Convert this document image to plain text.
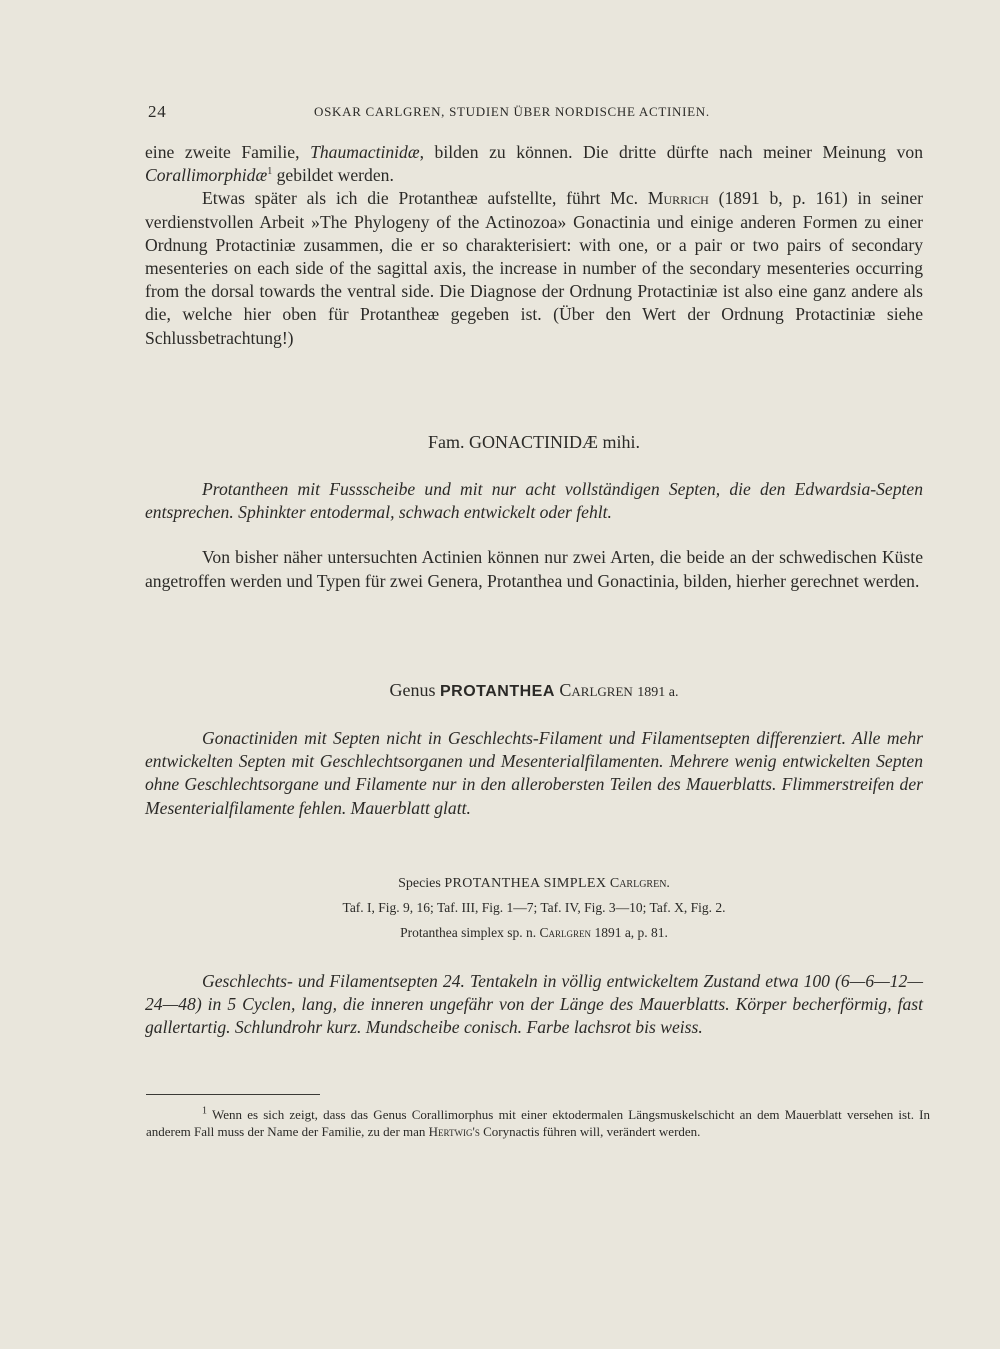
24	OSKAR CARLGREN, STUDIEN ÜBER NORDISCHE ACTINIEN.

eine zweite Familie, Thaumactinidæ, bilden zu können. Die dritte dürfte nach meiner Meinung von Corallimorphidæ$^1$ gebildet werden.

Etwas später als ich die Protantheæ aufstellte, führt Mc. Murrich (1891 b, p. 161) in seiner verdienstvollen Arbeit »The Phylogeny of the Actinozoa» Gonactinia und einige anderen Formen zu einer Ordnung Protactiniæ zusammen, die er so charakterisiert: with one, or a pair or two pairs of secondary mesenteries on each side of the sagittal axis, the increase in number of the secondary mesenteries occurring from the dorsal towards the ventral side. Die Diagnose der Ordnung Protactiniæ ist also eine ganz andere als die, welche hier oben für Protantheæ gegeben ist. (Über den Wert der Ordnung Protactiniæ siehe Schlussbetrachtung!)

Fam. GONACTINIDÆ mihi.

Protantheen mit Fussscheibe und mit nur acht vollständigen Septen, die den Edwardsia-Septen entsprechen. Sphinkter entodermal, schwach entwickelt oder fehlt.

Von bisher näher untersuchten Actinien können nur zwei Arten, die beide an der schwedischen Küste angetroffen werden und Typen für zwei Genera, Protanthea und Gonactinia, bilden, hierher gerechnet werden.

Genus PROTANTHEA Carlgren 1891 a.

Gonactiniden mit Septen nicht in Geschlechts-Filament und Filamentsepten differenziert. Alle mehr entwickelten Septen mit Geschlechtsorganen und Mesenterialfilamenten. Mehrere wenig entwickelten Septen ohne Geschlechtsorgane und Filamente nur in den allerobersten Teilen des Mauerblatts. Flimmerstreifen der Mesenterialfilamente fehlen. Mauerblatt glatt.

Species PROTANTHEA SIMPLEX Carlgren.
Taf. I, Fig. 9, 16; Taf. III, Fig. 1—7; Taf. IV, Fig. 3—10; Taf. X, Fig. 2.
Protanthea simplex sp. n. Carlgren 1891 a, p. 81.

Geschlechts- und Filamentsepten 24. Tentakeln in völlig entwickeltem Zustand etwa 100 (6—6—12—24—48) in 5 Cyclen, lang, die inneren ungefähr von der Länge des Mauerblatts. Körper becherförmig, fast gallertartig. Schlundrohr kurz. Mundscheibe conisch. Farbe lachsrot bis weiss.

$^1$ Wenn es sich zeigt, dass das Genus Corallimorphus mit einer ektodermalen Längsmuskelschicht an dem Mauerblatt versehen ist. In anderem Fall muss der Name der Familie, zu der man Hertwig's Corynactis führen will, verändert werden.
